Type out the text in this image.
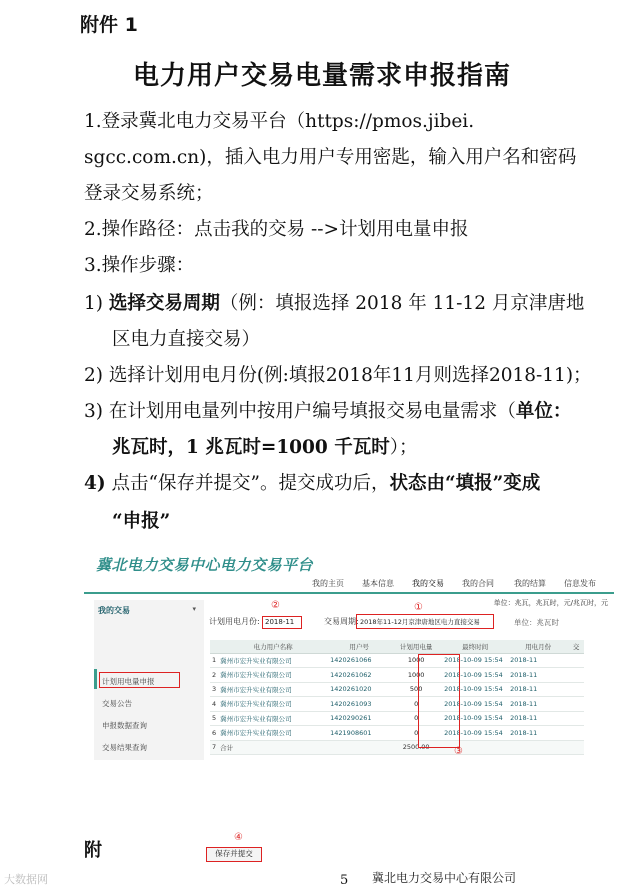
附件 1
电力用户交易电量需求申报指南
1.登录冀北电力交易平台（https://pmos.jibei.
sgcc.com.cn)，插入电力用户专用密匙，输入用户名和密码
登录交易系统；
2.操作路径：点击我的交易 -->计划用电量申报
3.操作步骤：
1) 选择交易周期（例：填报选择 2018 年 11-12 月京津唐地
区电力直接交易）
2) 选择计划用电月份(例:填报2018年11月则选择2018-11)；
3) 在计划用电量列中按用户编号填报交易电量需求（单位：
兆瓦时，1 兆瓦时=1000 千瓦时）；
4) 点击“保存并提交”。提交成功后，状态由“填报”变成
“申报”
冀北电力交易中心电力交易平台
我的主页 基本信息 我的交易 我的合同	我的结算 信息发布
单位：兆瓦，兆瓦时，元/兆瓦时，元
我的交易	▾
计划用电量申报
交易公告
申报数据查询
交易结果查询
②	①
计划用电月份: 2018-11	交易周期: 2018年11-12月京津唐地区电力直接交易	单位：兆瓦时
	电力用户名称	用户号	计划用电量	最终时间	用电月份	交
1	冀州市宏升实业有限公司	1420261066	1000	2018-10-09 15:54	2018-11	
2	冀州市宏升实业有限公司	1420261062	1000	2018-10-09 15:54	2018-11	
3	冀州市宏升实业有限公司	1420261020	500	2018-10-09 15:54	2018-11	
4	冀州市宏升实业有限公司	1420261093	0	2018-10-09 15:54	2018-11	
5	冀州市宏升实业有限公司	1420290261	0	2018-10-09 15:54	2018-11	
6	冀州市宏升实业有限公司	1421908601	0	2018-10-09 15:54	2018-11	
7	合计		2500.00			③
④
保存并提交
附
大数据网	5 冀北电力交易中心有限公司
